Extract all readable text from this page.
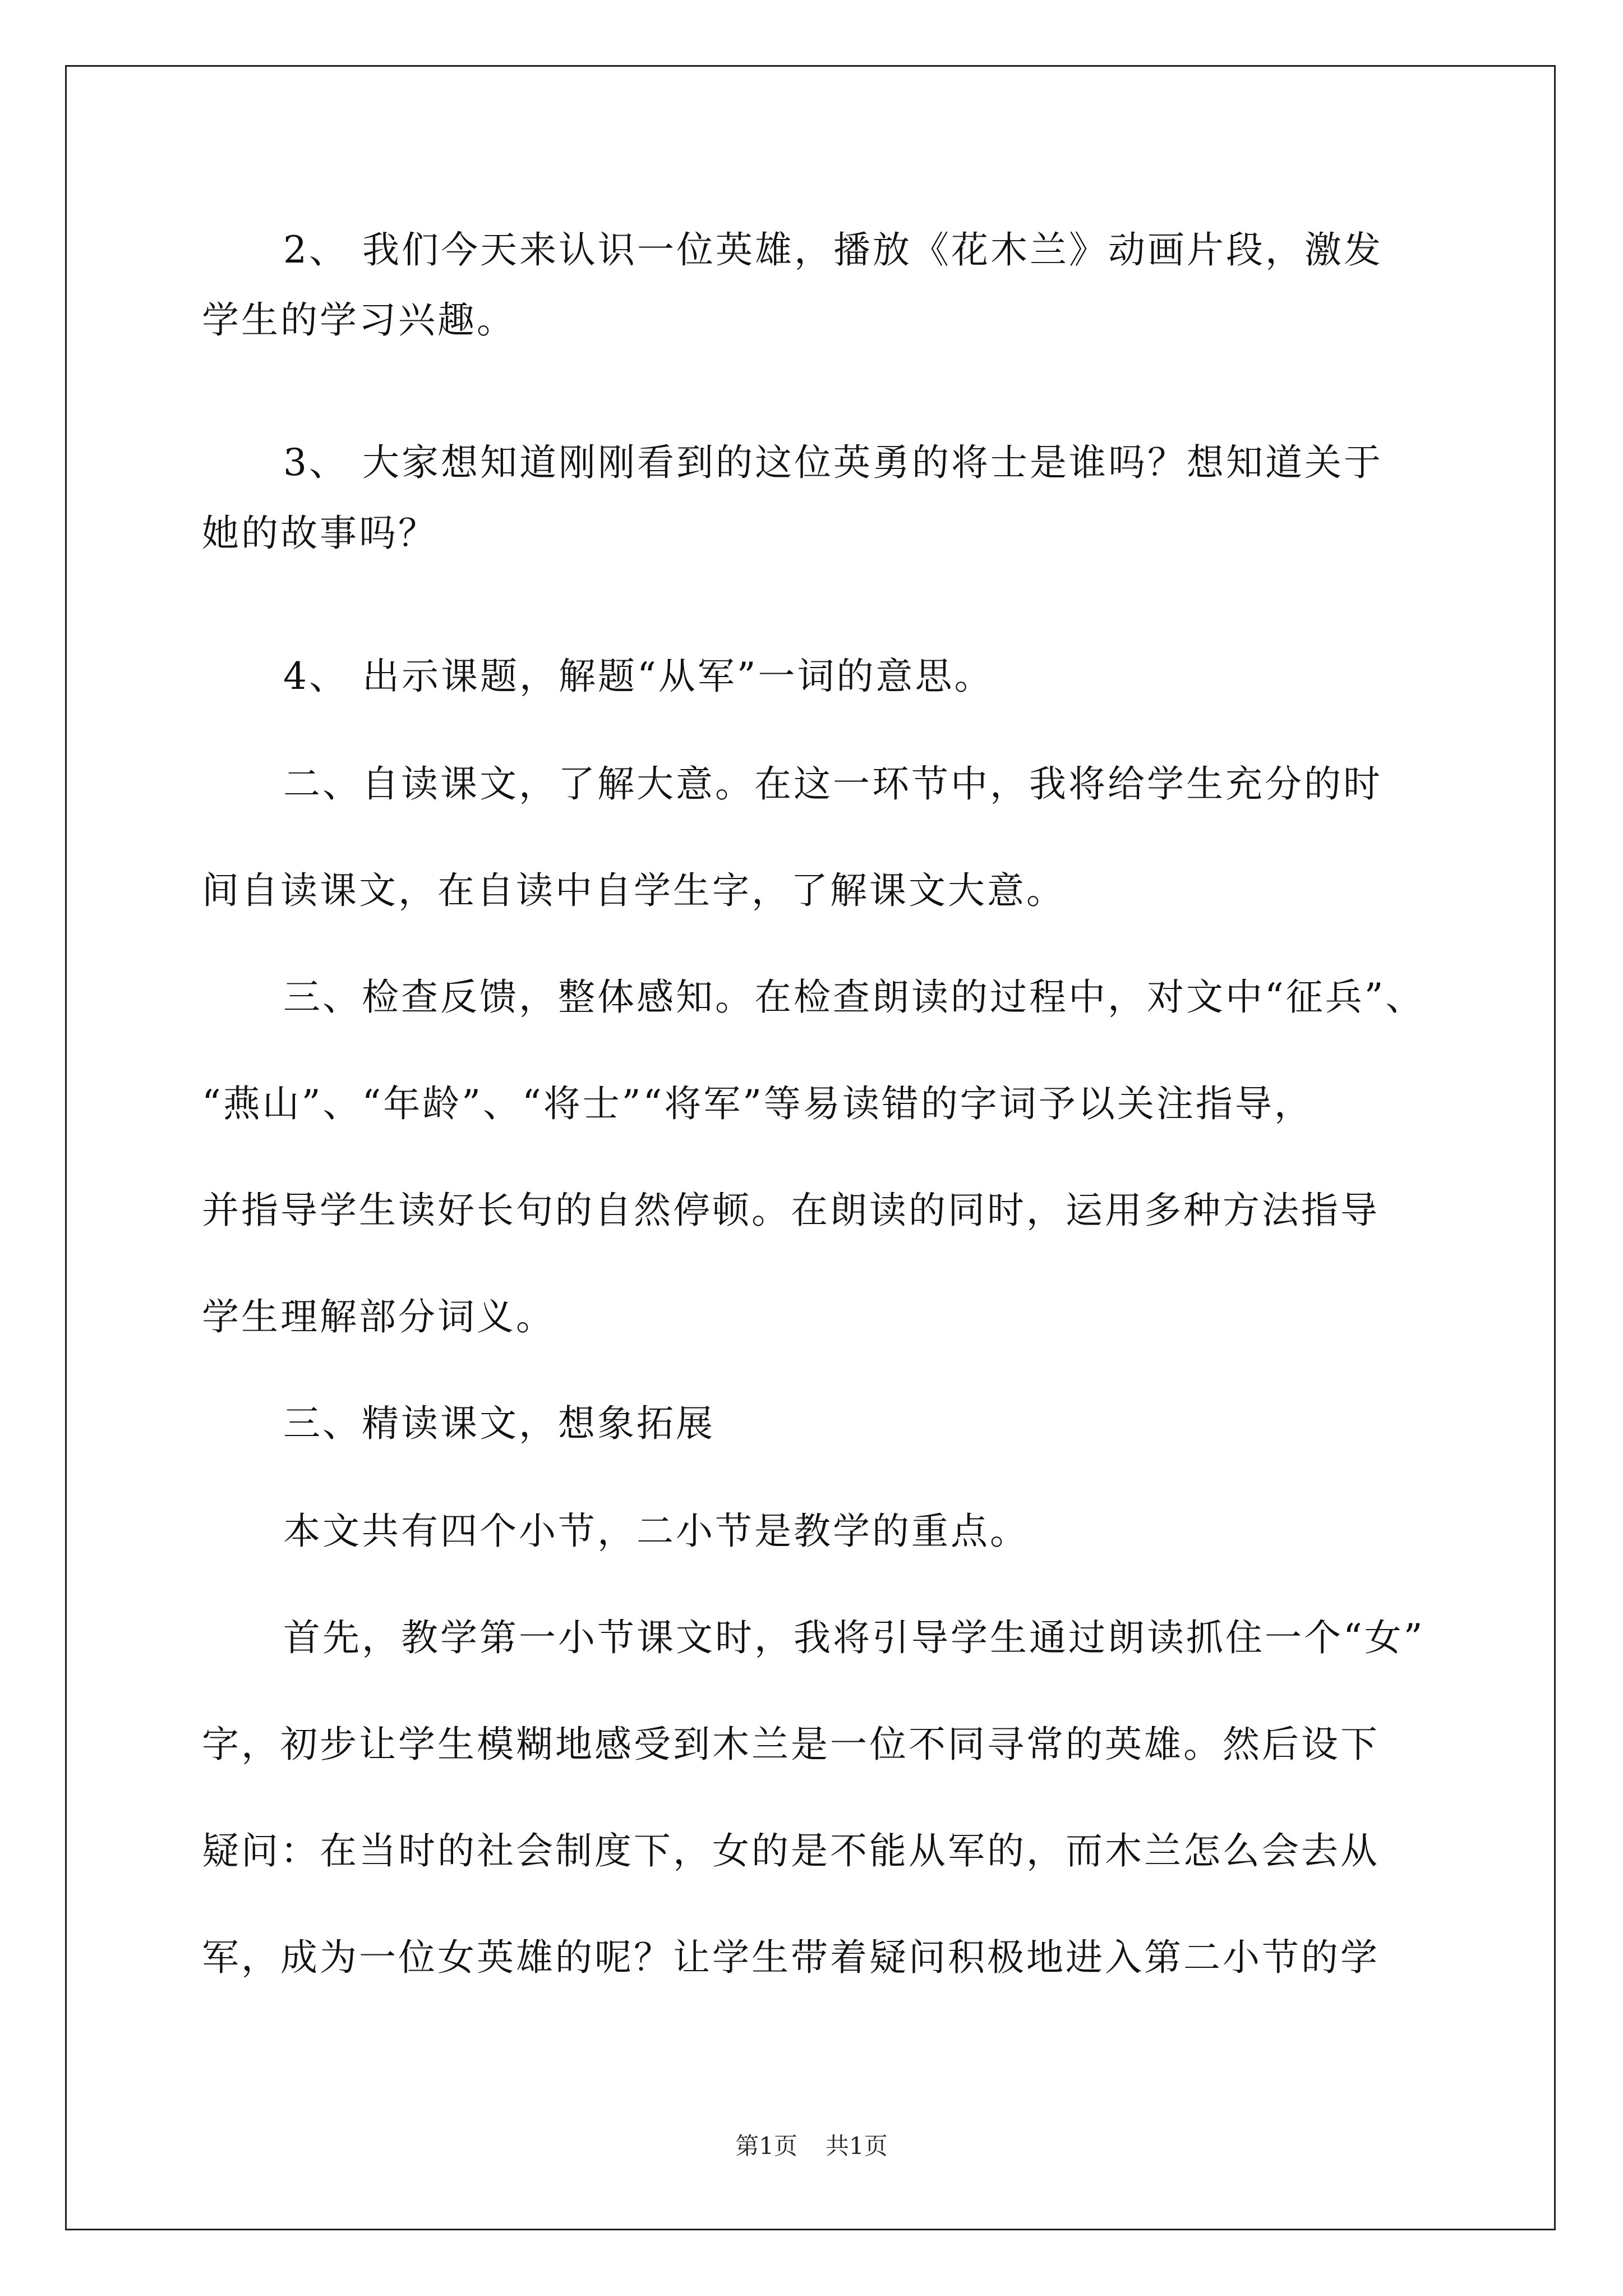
2、 我们今天来认识一位英雄，播放《花木兰》动画片段，激发
学生的学习兴趣。
3、 大家想知道刚刚看到的这位英勇的将士是谁吗？想知道关于
她的故事吗？
4、 出示课题，解题“从军”一词的意思。
二、自读课文，了解大意。在这一环节中，我将给学生充分的时
间自读课文，在自读中自学生字，了解课文大意。
三、检查反馈，整体感知。在检查朗读的过程中，对文中“征兵”、
“燕山”、“年龄”、“将士”“将军”等易读错的字词予以关注指导，
并指导学生读好长句的自然停顿。在朗读的同时，运用多种方法指导
学生理解部分词义。
三、精读课文，想象拓展
本文共有四个小节，二小节是教学的重点。
首先，教学第一小节课文时，我将引导学生通过朗读抓住一个“女”
字，初步让学生模糊地感受到木兰是一位不同寻常的英雄。然后设下
疑问：在当时的社会制度下，女的是不能从军的，而木兰怎么会去从
军，成为一位女英雄的呢？让学生带着疑问积极地进入第二小节的学
第1页 共1页
